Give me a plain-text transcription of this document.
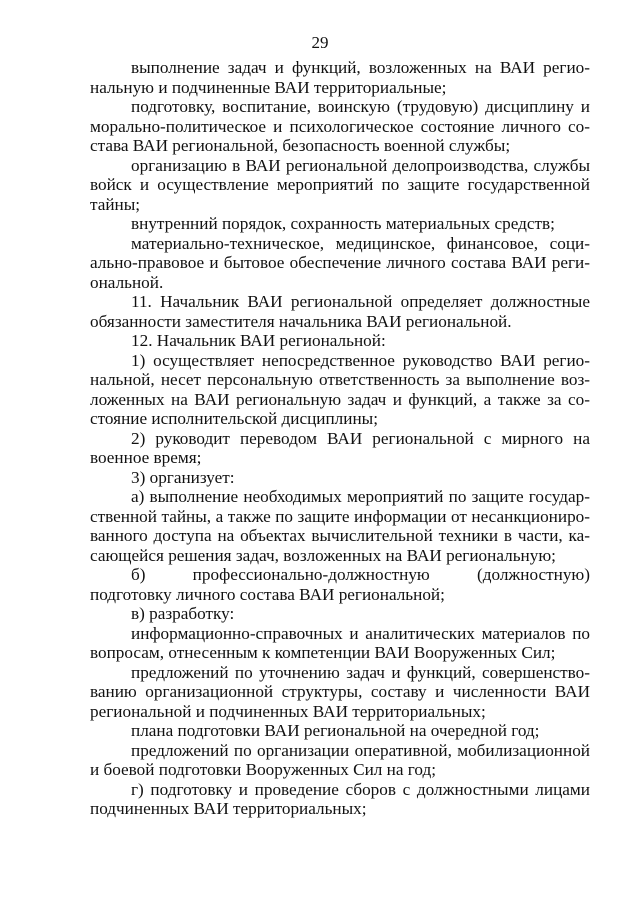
29

выполнение задач и функций, возложенных на ВАИ региональную и подчиненные ВАИ территориальные;

подготовку, воспитание, воинскую (трудовую) дисциплину и морально-политическое и психологическое состояние личного состава ВАИ региональной, безопасность военной службы;

организацию в ВАИ региональной делопроизводства, службы войск и осуществление мероприятий по защите государственной тайны;

внутренний порядок, сохранность материальных средств;

материально-техническое, медицинское, финансовое, социально-правовое и бытовое обеспечение личного состава ВАИ региональной.

11. Начальник ВАИ региональной определяет должностные обязанности заместителя начальника ВАИ региональной.

12. Начальник ВАИ региональной:

1) осуществляет непосредственное руководство ВАИ региональной, несет персональную ответственность за выполнение возложенных на ВАИ региональную задач и функций, а также за состояние исполнительской дисциплины;

2) руководит переводом ВАИ региональной с мирного на военное время;

3) организует:

а) выполнение необходимых мероприятий по защите государственной тайны, а также по защите информации от несанкционированного доступа на объектах вычислительной техники в части, касающейся решения задач, возложенных на ВАИ региональную;

б) профессионально-должностную (должностную) подготовку личного состава ВАИ региональной;

в) разработку:

информационно-справочных и аналитических материалов по вопросам, отнесенным к компетенции ВАИ Вооруженных Сил;

предложений по уточнению задач и функций, совершенствованию организационной структуры, составу и численности ВАИ региональной и подчиненных ВАИ территориальных;

плана подготовки ВАИ региональной на очередной год;

предложений по организации оперативной, мобилизационной и боевой подготовки Вооруженных Сил на год;

г) подготовку и проведение сборов с должностными лицами подчиненных ВАИ территориальных;
